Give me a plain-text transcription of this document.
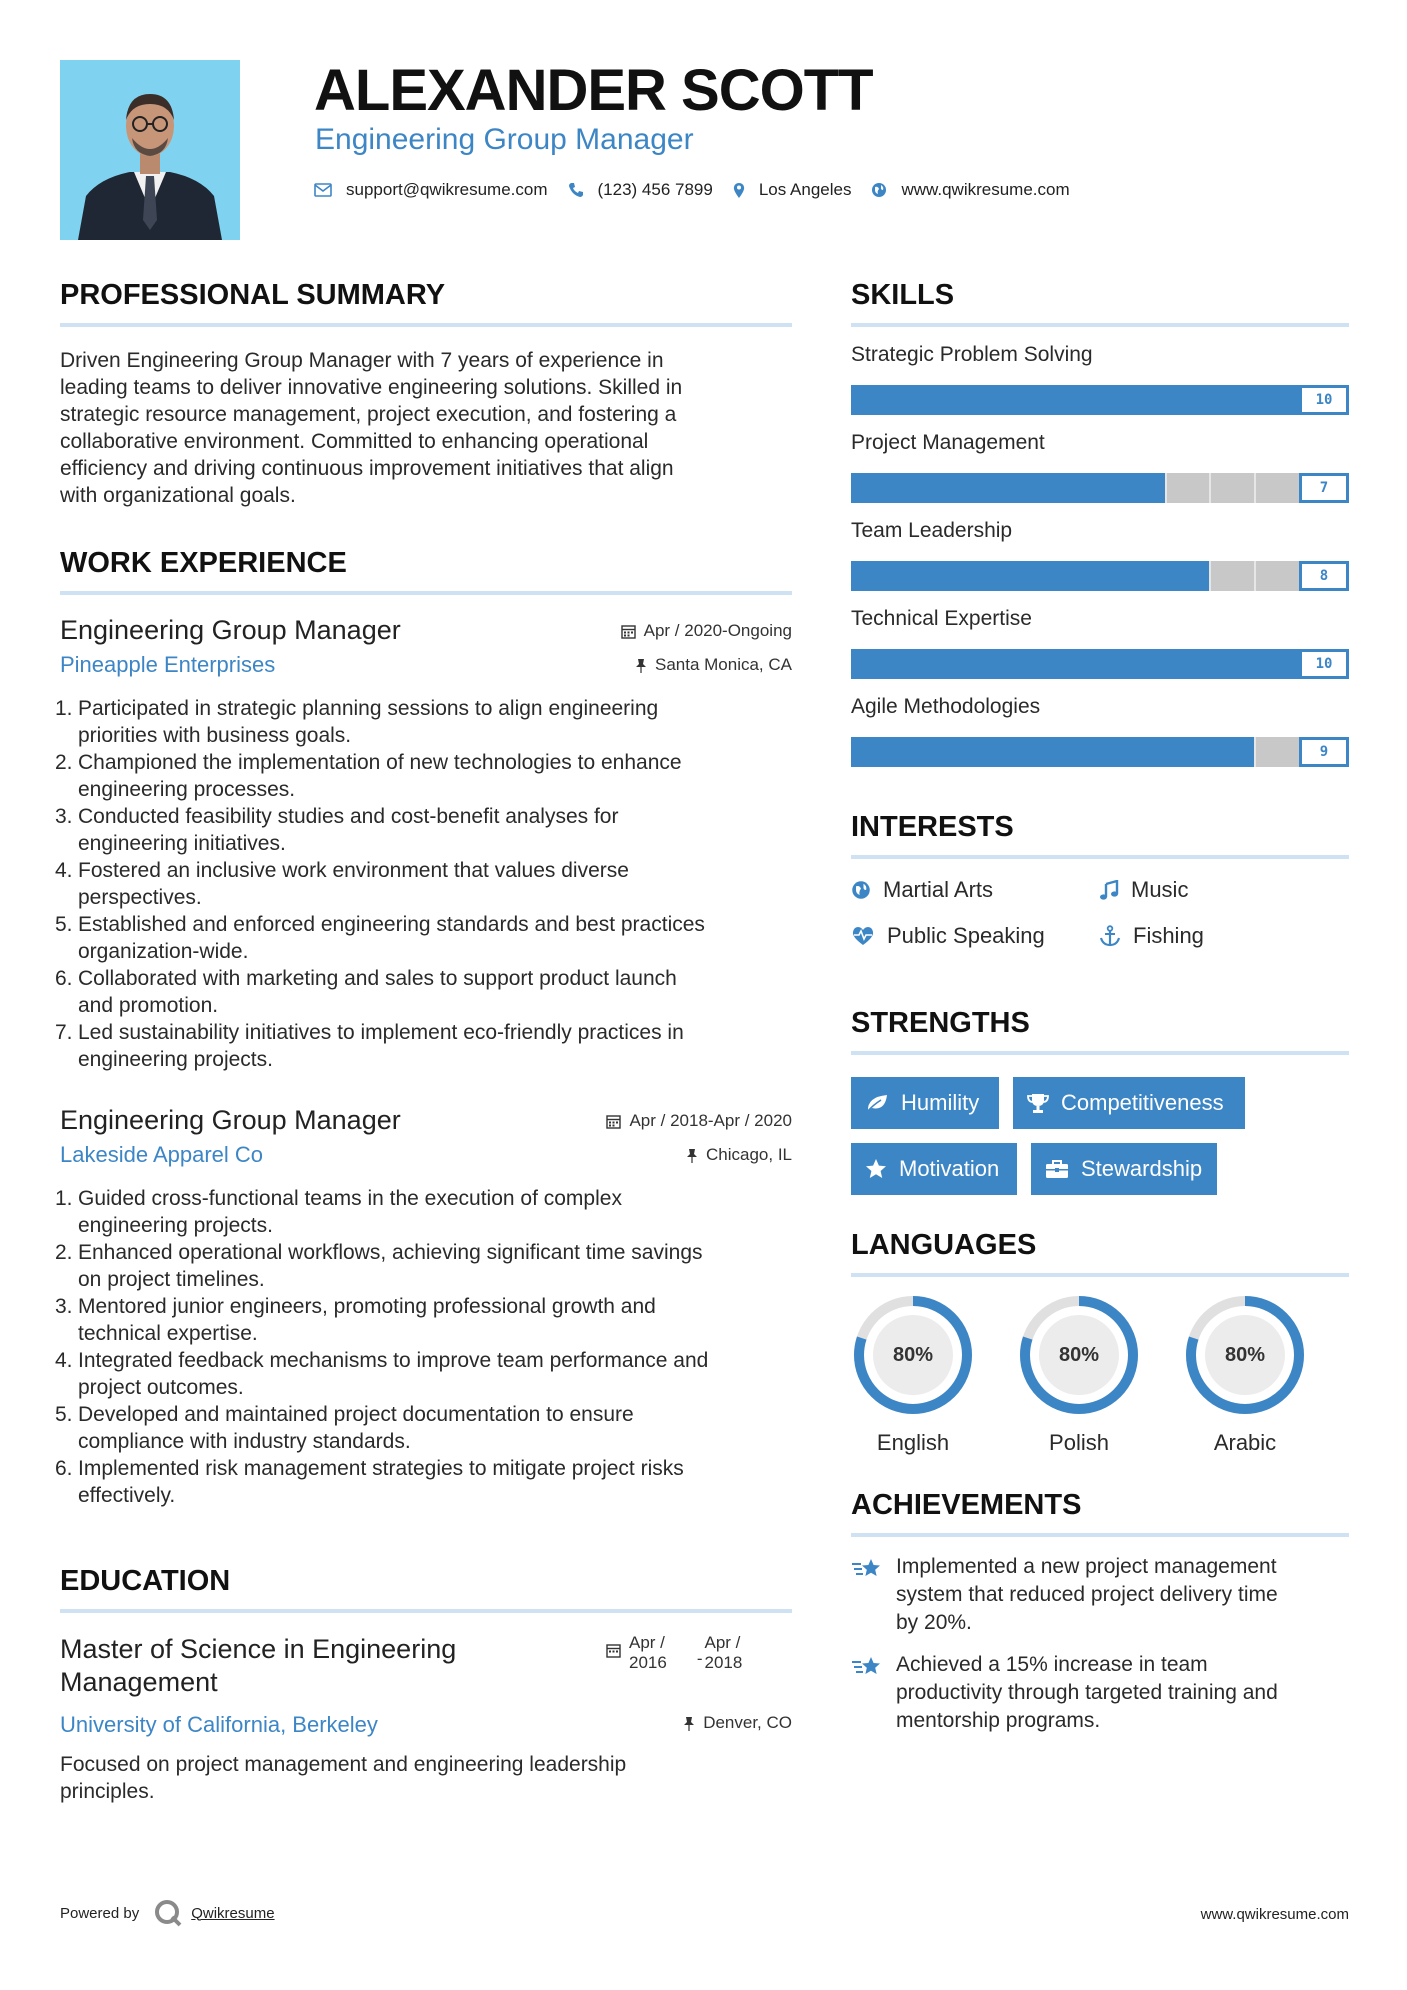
ALEXANDER SCOTT
Engineering Group Manager
support@qwikresume.com	(123) 456 7899	Los Angeles	www.qwikresume.com
PROFESSIONAL SUMMARY
Driven Engineering Group Manager with 7 years of experience in
leading teams to deliver innovative engineering solutions. Skilled in
strategic resource management, project execution, and fostering a
collaborative environment. Committed to enhancing operational
efficiency and driving continuous improvement initiatives that align
with organizational goals.
WORK EXPERIENCE
Engineering Group Manager
Pineapple Enterprises
Apr / 2020-Ongoing
Santa Monica, CA
1. Participated in strategic planning sessions to align engineering
priorities with business goals.
2. Championed the implementation of new technologies to enhance
engineering processes.
3. Conducted feasibility studies and cost-benefit analyses for
engineering initiatives.
4. Fostered an inclusive work environment that values diverse
perspectives.
5. Established and enforced engineering standards and best practices
organization-wide.
6. Collaborated with marketing and sales to support product launch
and promotion.
7. Led sustainability initiatives to implement eco-friendly practices in
engineering projects.
Engineering Group Manager
Lakeside Apparel Co
Apr / 2018-Apr / 2020
Chicago, IL
1. Guided cross-functional teams in the execution of complex
engineering projects.
2. Enhanced operational workflows, achieving significant time savings
on project timelines.
3. Mentored junior engineers, promoting professional growth and
technical expertise.
4. Integrated feedback mechanisms to improve team performance and
project outcomes.
5. Developed and maintained project documentation to ensure
compliance with industry standards.
6. Implemented risk management strategies to mitigate project risks
effectively.
EDUCATION
Master of Science in Engineering
Management
University of California, Berkeley
Apr /
2016 -
Apr /
2018
Denver, CO
Focused on project management and engineering leadership
principles.
SKILLS
Strategic Problem Solving
10
Project Management
7
Team Leadership
8
Technical Expertise
10
Agile Methodologies
9
INTERESTS
Martial Arts	Music
Public Speaking	Fishing
STRENGTHS
Humility	Competitiveness
Motivation	Stewardship
LANGUAGES
80%
English
80%
Polish
80%
Arabic
ACHIEVEMENTS
Implemented a new project management
system that reduced project delivery time
by 20%.
Achieved a 15% increase in team
productivity through targeted training and
mentorship programs.
Powered by	Qwikresume	www.qwikresume.com
